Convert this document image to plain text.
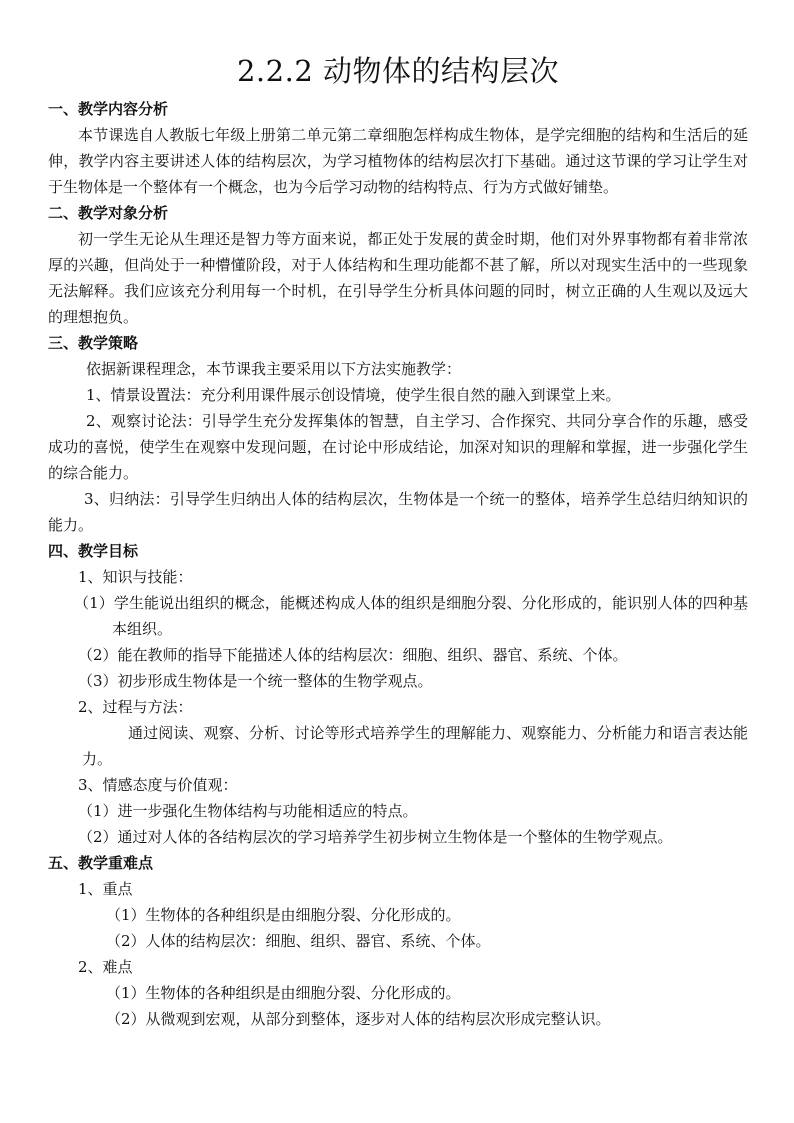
2.2.2 动物体的结构层次

一、教学内容分析

本节课选自人教版七年级上册第二单元第二章细胞怎样构成生物体，是学完细胞的结构和生活后的延伸，教学内容主要讲述人体的结构层次，为学习植物体的结构层次打下基础。通过这节课的学习让学生对于生物体是一个整体有一个概念，也为今后学习动物的结构特点、行为方式做好铺垫。

二、教学对象分析

初一学生无论从生理还是智力等方面来说，都正处于发展的黄金时期，他们对外界事物都有着非常浓厚的兴趣，但尚处于一种懵懂阶段，对于人体结构和生理功能都不甚了解，所以对现实生活中的一些现象无法解释。我们应该充分利用每一个时机，在引导学生分析具体问题的同时，树立正确的人生观以及远大的理想抱负。

三、教学策略

依据新课程理念，本节课我主要采用以下方法实施教学：

1、情景设置法：充分利用课件展示创设情境，使学生很自然的融入到课堂上来。

2、观察讨论法：引导学生充分发挥集体的智慧，自主学习、合作探究、共同分享合作的乐趣，感受成功的喜悦，使学生在观察中发现问题，在讨论中形成结论，加深对知识的理解和掌握，进一步强化学生的综合能力。

3、归纳法：引导学生归纳出人体的结构层次，生物体是一个统一的整体，培养学生总结归纳知识的能力。

四、教学目标

1、知识与技能：

（1）学生能说出组织的概念，能概述构成人体的组织是细胞分裂、分化形成的，能识别人体的四种基本组织。

（2）能在教师的指导下能描述人体的结构层次：细胞、组织、器官、系统、个体。

（3）初步形成生物体是一个统一整体的生物学观点。

2、过程与方法：

通过阅读、观察、分析、讨论等形式培养学生的理解能力、观察能力、分析能力和语言表达能力。

3、情感态度与价值观：

（1）进一步强化生物体结构与功能相适应的特点。

（2）通过对人体的各结构层次的学习培养学生初步树立生物体是一个整体的生物学观点。

五、教学重难点

1、重点

（1）生物体的各种组织是由细胞分裂、分化形成的。

（2）人体的结构层次：细胞、组织、器官、系统、个体。

2、难点

（1）生物体的各种组织是由细胞分裂、分化形成的。

（2）从微观到宏观，从部分到整体，逐步对人体的结构层次形成完整认识。
